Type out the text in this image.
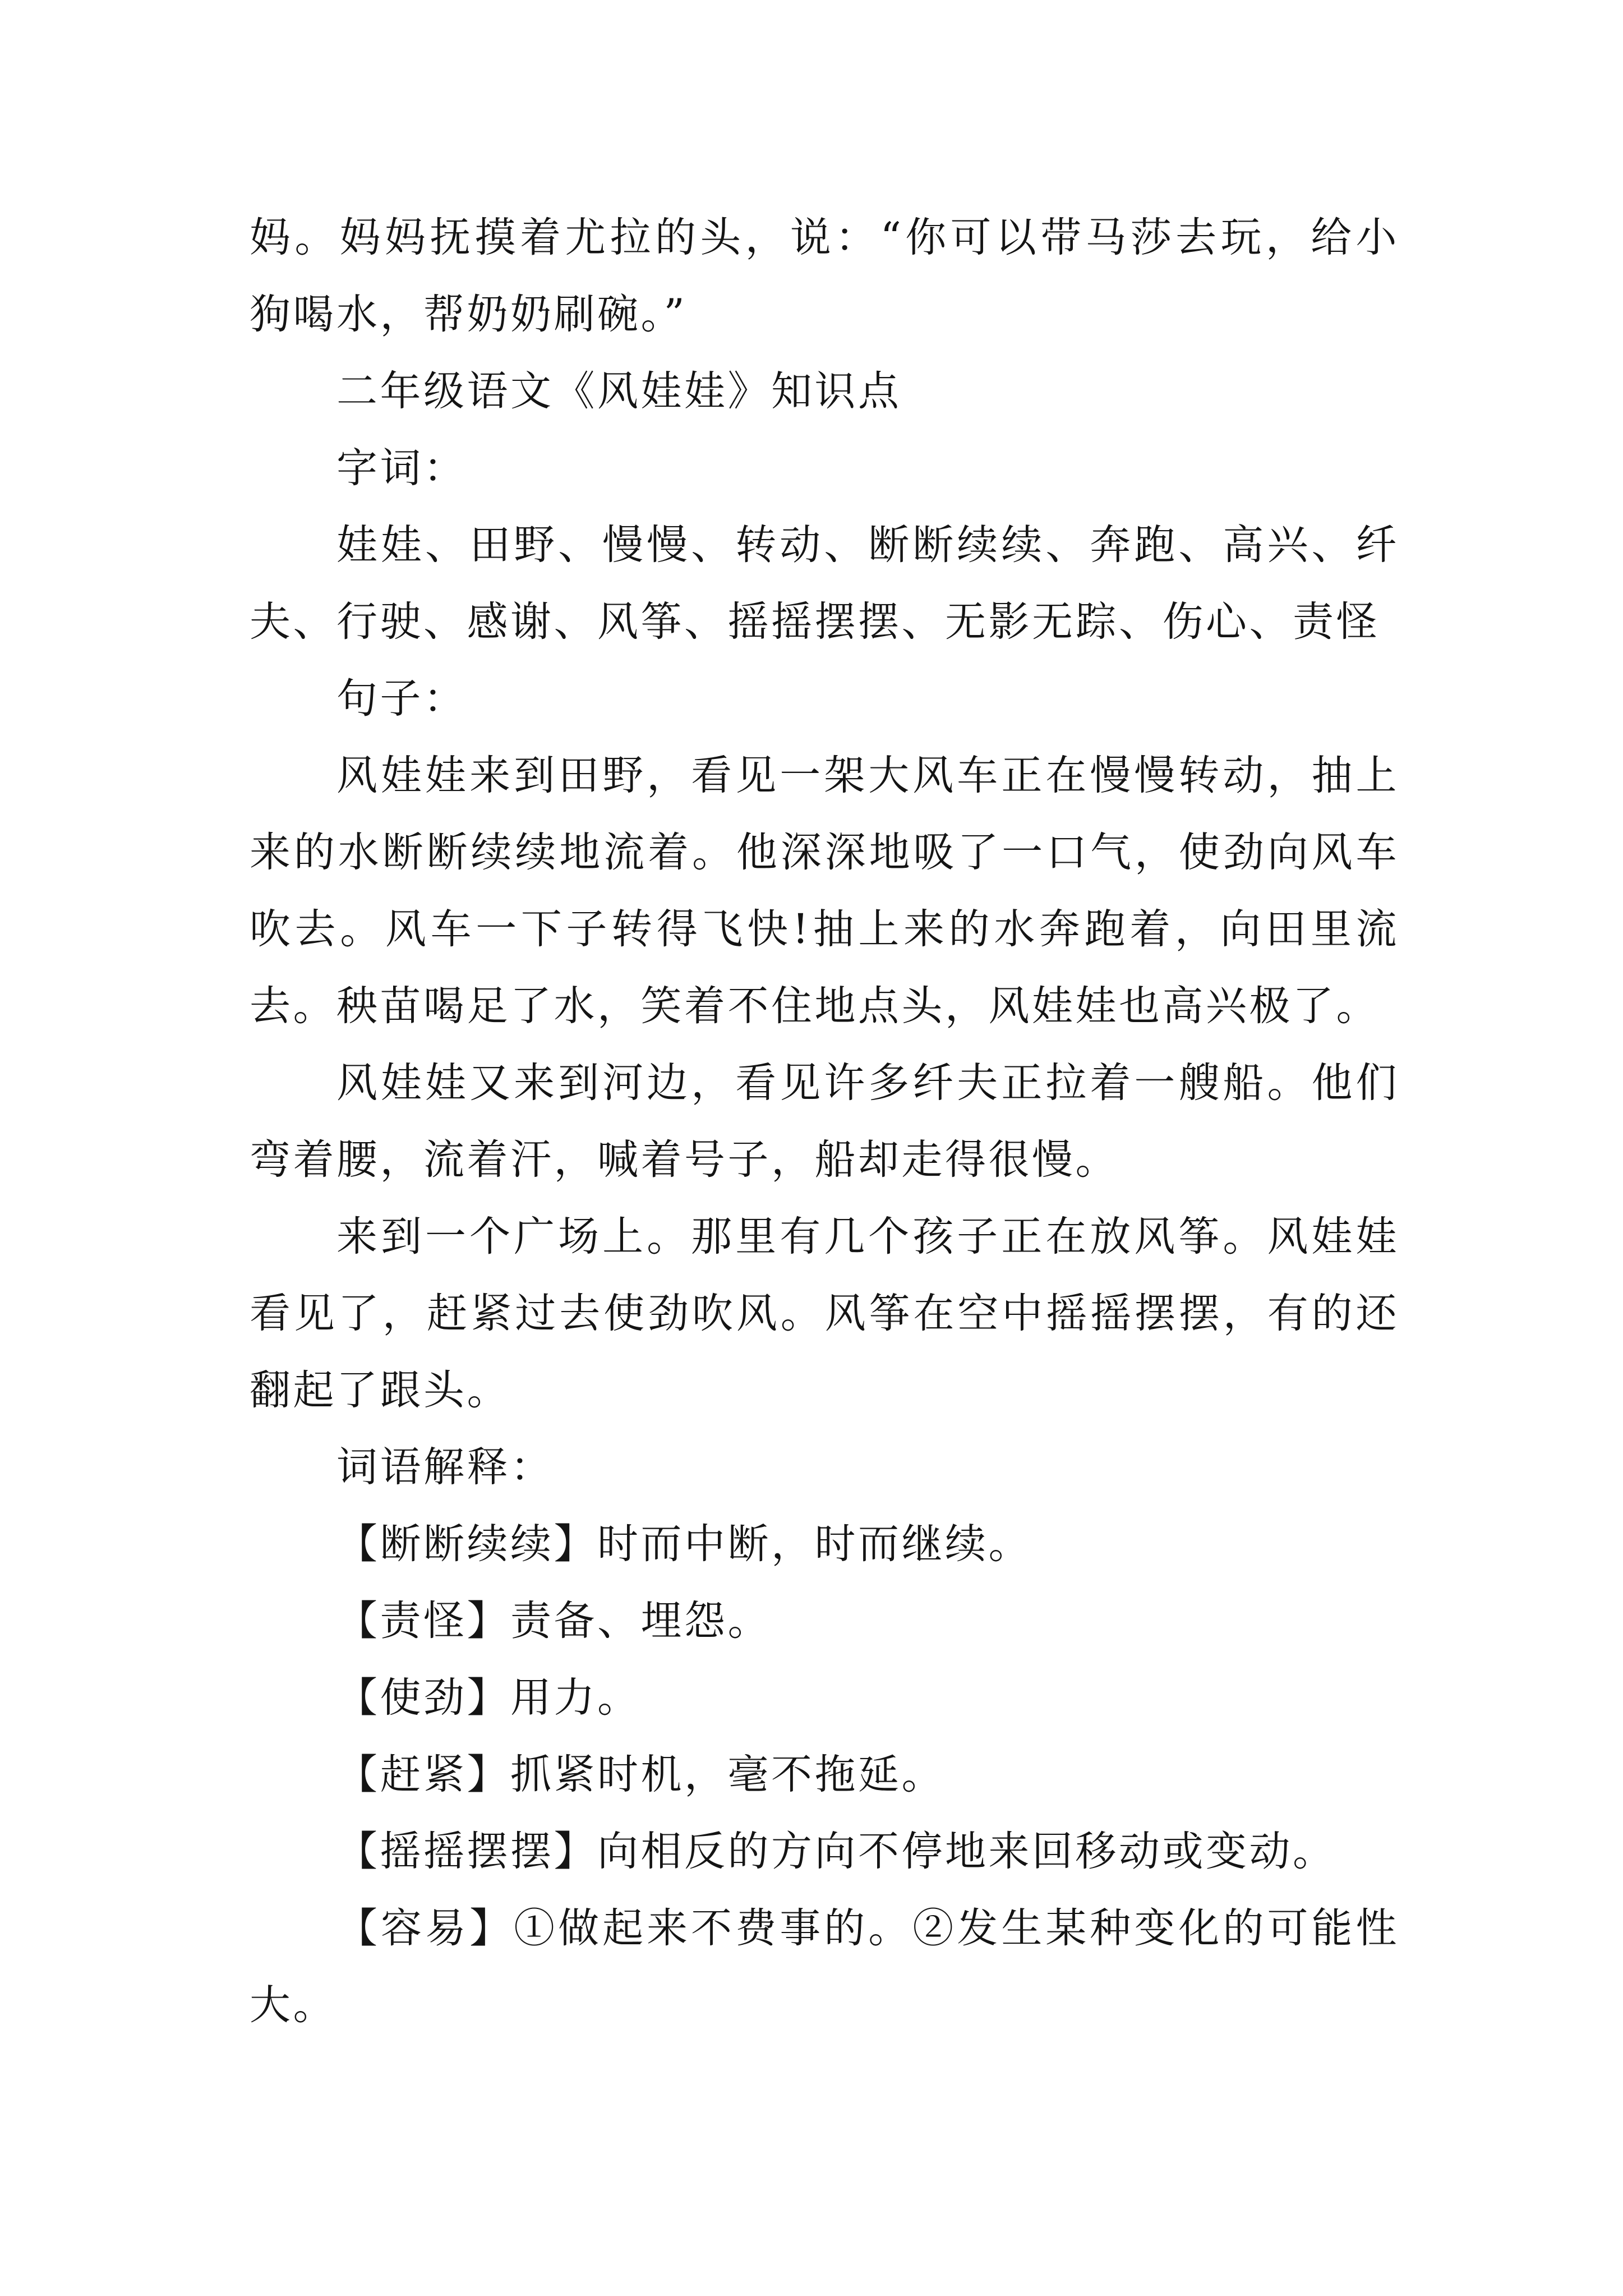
妈。妈妈抚摸着尤拉的头，说：“你可以带马莎去玩，给小狗喝水，帮奶奶刷碗。”

二年级语文《风娃娃》知识点

字词：

娃娃、田野、慢慢、转动、断断续续、奔跑、高兴、纤夫、行驶、感谢、风筝、摇摇摆摆、无影无踪、伤心、责怪

句子：

风娃娃来到田野，看见一架大风车正在慢慢转动，抽上来的水断断续续地流着。他深深地吸了一口气，使劲向风车吹去。风车一下子转得飞快!抽上来的水奔跑着，向田里流去。秧苗喝足了水，笑着不住地点头，风娃娃也高兴极了。

风娃娃又来到河边，看见许多纤夫正拉着一艘船。他们弯着腰，流着汗，喊着号子，船却走得很慢。

来到一个广场上。那里有几个孩子正在放风筝。风娃娃看见了，赶紧过去使劲吹风。风筝在空中摇摇摆摆，有的还翻起了跟头。

词语解释：

【断断续续】时而中断，时而继续。

【责怪】责备、埋怨。

【使劲】用力。

【赶紧】抓紧时机，毫不拖延。

【摇摇摆摆】向相反的方向不停地来回移动或变动。

【容易】①做起来不费事的。②发生某种变化的可能性大。
